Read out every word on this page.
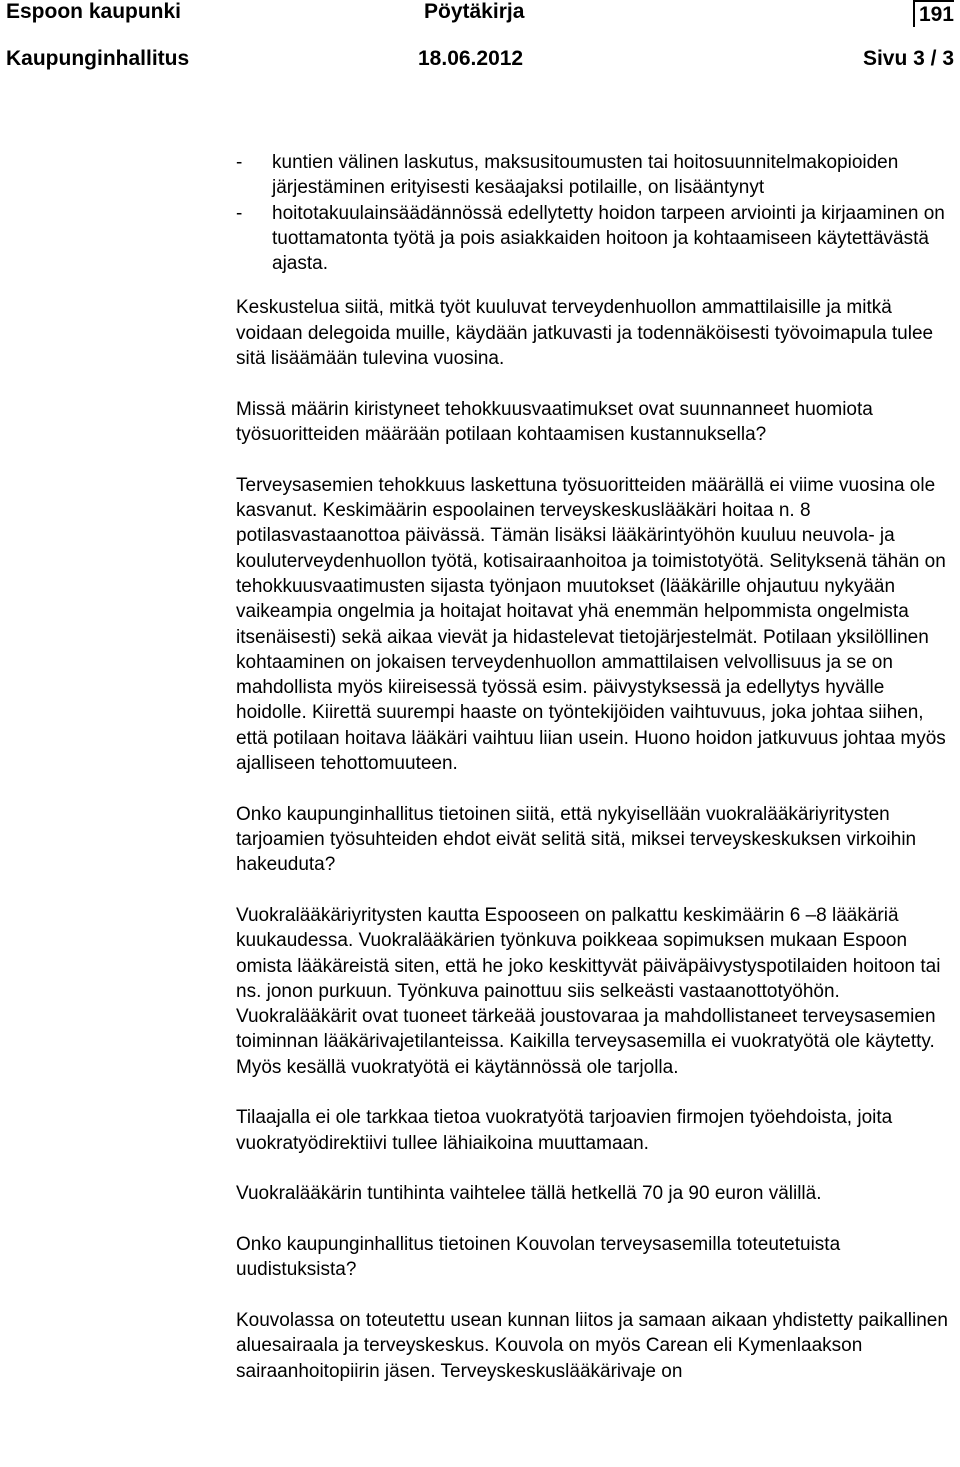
Espoon kaupunki	Pöytäkirja	191
Kaupunginhallitus	18.06.2012	Sivu 3 / 3
- kuntien välinen laskutus, maksusitoumusten tai hoitosuunnitelmakopioiden järjestäminen erityisesti kesäajaksi potilaille, on lisääntynyt
- hoitotakuulainsäädännössä edellytetty hoidon tarpeen arviointi ja kirjaaminen on tuottamatonta työtä ja pois asiakkaiden hoitoon ja kohtaamiseen käytettävästä ajasta.

Keskustelua siitä, mitkä työt kuuluvat terveydenhuollon ammattilaisille ja mitkä voidaan delegoida muille, käydään jatkuvasti ja todennäköisesti työvoimapula tulee sitä lisäämään tulevina vuosina.

Missä määrin kiristyneet tehokkuusvaatimukset ovat suunnanneet huomiota työsuoritteiden määrään potilaan kohtaamisen kustannuksella?

Terveysasemien tehokkuus laskettuna työsuoritteiden määrällä ei viime vuosina ole kasvanut. Keskimäärin espoolainen terveyskeskuslääkäri hoitaa n. 8 potilasvastaanottoa päivässä. Tämän lisäksi lääkärintyöhön kuuluu neuvola- ja kouluterveydenhuollon työtä, kotisairaanhoitoa ja toimistotyötä. Selityksenä tähän on tehokkuusvaatimusten sijasta työnjaon muutokset (lääkärille ohjautuu nykyään vaikeampia ongelmia ja hoitajat hoitavat yhä enemmän helpommista ongelmista itsenäisesti) sekä aikaa vievät ja hidastelevat tietojärjestelmät. Potilaan yksilöllinen kohtaaminen on jokaisen terveydenhuollon ammattilaisen velvollisuus ja se on mahdollista myös kiireisessä työssä esim. päivystyksessä ja edellytys hyvälle hoidolle. Kiirettä suurempi haaste on työntekijöiden vaihtuvuus, joka johtaa siihen, että potilaan hoitava lääkäri vaihtuu liian usein. Huono hoidon jatkuvuus johtaa myös ajalliseen tehottomuuteen.

Onko kaupunginhallitus tietoinen siitä, että nykyisellään vuokralääkäriyritysten tarjoamien työsuhteiden ehdot eivät selitä sitä, miksei terveyskeskuksen virkoihin hakeuduta?

Vuokralääkäriyritysten kautta Espooseen on palkattu keskimäärin 6 –8 lääkäriä kuukaudessa. Vuokralääkärien työnkuva poikkeaa sopimuksen mukaan Espoon omista lääkäreistä siten, että he joko keskittyvät päiväpäivystyspotilaiden hoitoon tai ns. jonon purkuun. Työnkuva painottuu siis selkeästi vastaanottotyöhön. Vuokralääkärit ovat tuoneet tärkeää joustovaraa ja mahdollistaneet terveysasemien toiminnan lääkärivajetilanteissa. Kaikilla terveysasemilla ei vuokratyötä ole käytetty. Myös kesällä vuokratyötä ei käytännössä ole tarjolla.

Tilaajalla ei ole tarkkaa tietoa vuokratyötä tarjoavien firmojen työehdoista, joita vuokratyödirektiivi tullee lähiaikoina muuttamaan.

Vuokralääkärin tuntihinta vaihtelee tällä hetkellä 70 ja 90 euron välillä.

Onko kaupunginhallitus tietoinen Kouvolan terveysasemilla toteutetuista uudistuksista?

Kouvolassa on toteutettu usean kunnan liitos ja samaan aikaan yhdistetty paikallinen aluesairaala ja terveyskeskus. Kouvola on myös Carean eli Kymenlaakson sairaanhoitopiirin jäsen. Terveyskeskuslääkärivaje on
